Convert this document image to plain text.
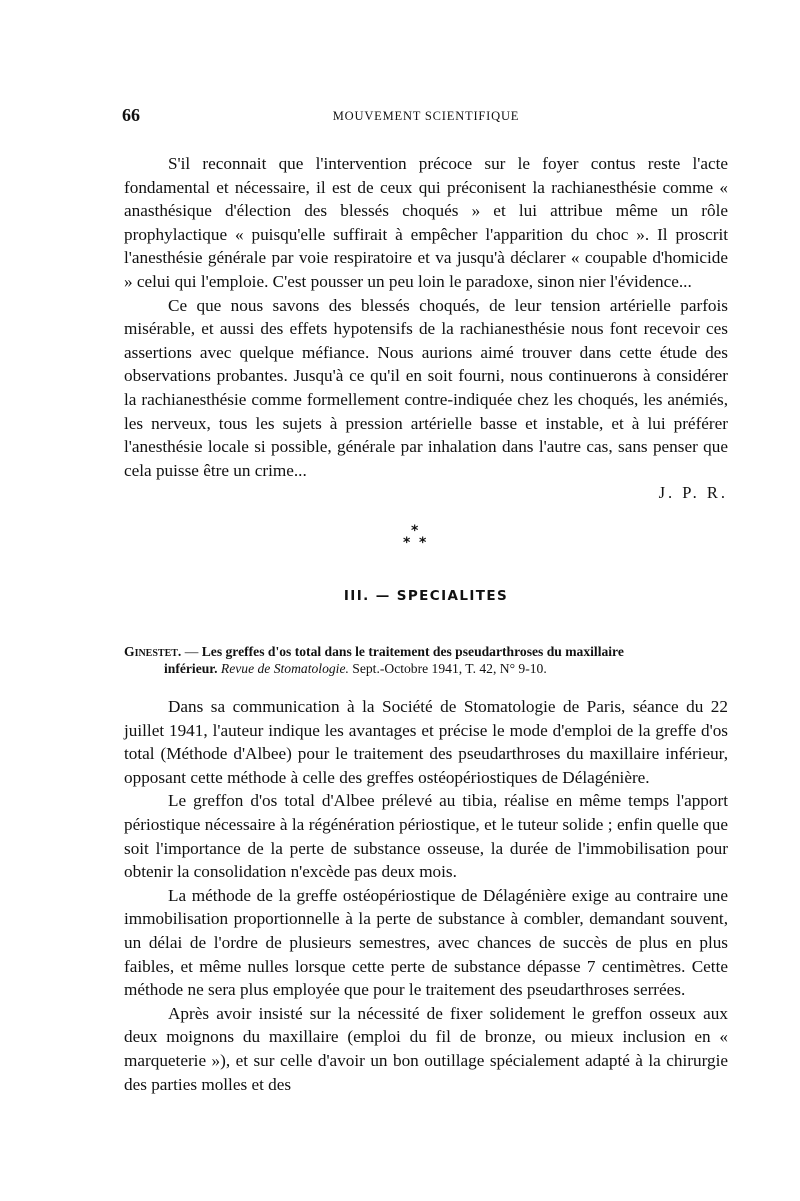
66	MOUVEMENT SCIENTIFIQUE

S'il reconnait que l'intervention précoce sur le foyer contus reste l'acte fondamental et nécessaire, il est de ceux qui préconisent la rachianesthésie comme « anasthésique d'élection des blessés choqués » et lui attribue même un rôle prophylactique « puisqu'elle suffirait à empêcher l'apparition du choc ». Il proscrit l'anesthésie générale par voie respiratoire et va jusqu'à déclarer « coupable d'homicide » celui qui l'emploie. C'est pousser un peu loin le paradoxe, sinon nier l'évidence...

Ce que nous savons des blessés choqués, de leur tension artérielle parfois misérable, et aussi des effets hypotensifs de la rachianesthésie nous font recevoir ces assertions avec quelque méfiance. Nous aurions aimé trouver dans cette étude des observations probantes. Jusqu'à ce qu'il en soit fourni, nous continuerons à considérer la rachianesthésie comme formellement contre-indiquée chez les choqués, les anémiés, les nerveux, tous les sujets à pression artérielle basse et instable, et à lui préférer l'anesthésie locale si possible, générale par inhalation dans l'autre cas, sans penser que cela puisse être un crime...

J. P. R.
*
* *
III. — SPECIALITES
Ginestet. — Les greffes d'os total dans le traitement des pseudarthroses du maxillaire
inférieur. Revue de Stomatologie. Sept.-Octobre 1941, T. 42, N° 9-10.

Dans sa communication à la Société de Stomatologie de Paris, séance du 22 juillet 1941, l'auteur indique les avantages et précise le mode d'emploi de la greffe d'os total (Méthode d'Albee) pour le traitement des pseudarthroses du maxillaire inférieur, opposant cette méthode à celle des greffes ostéopériostiques de Délagénière.

Le greffon d'os total d'Albee prélevé au tibia, réalise en même temps l'apport périostique nécessaire à la régénération périostique, et le tuteur solide ; enfin quelle que soit l'importance de la perte de substance osseuse, la durée de l'immobilisation pour obtenir la consolidation n'excède pas deux mois.

La méthode de la greffe ostéopériostique de Délagénière exige au contraire une immobilisation proportionnelle à la perte de substance à combler, demandant souvent, un délai de l'ordre de plusieurs semestres, avec chances de succès de plus en plus faibles, et même nulles lorsque cette perte de substance dépasse 7 centimètres. Cette méthode ne sera plus employée que pour le traitement des pseudarthroses serrées.

Après avoir insisté sur la nécessité de fixer solidement le greffon osseux aux deux moignons du maxillaire (emploi du fil de bronze, ou mieux inclusion en « marqueterie »), et sur celle d'avoir un bon outillage spécialement adapté à la chirurgie des parties molles et des
